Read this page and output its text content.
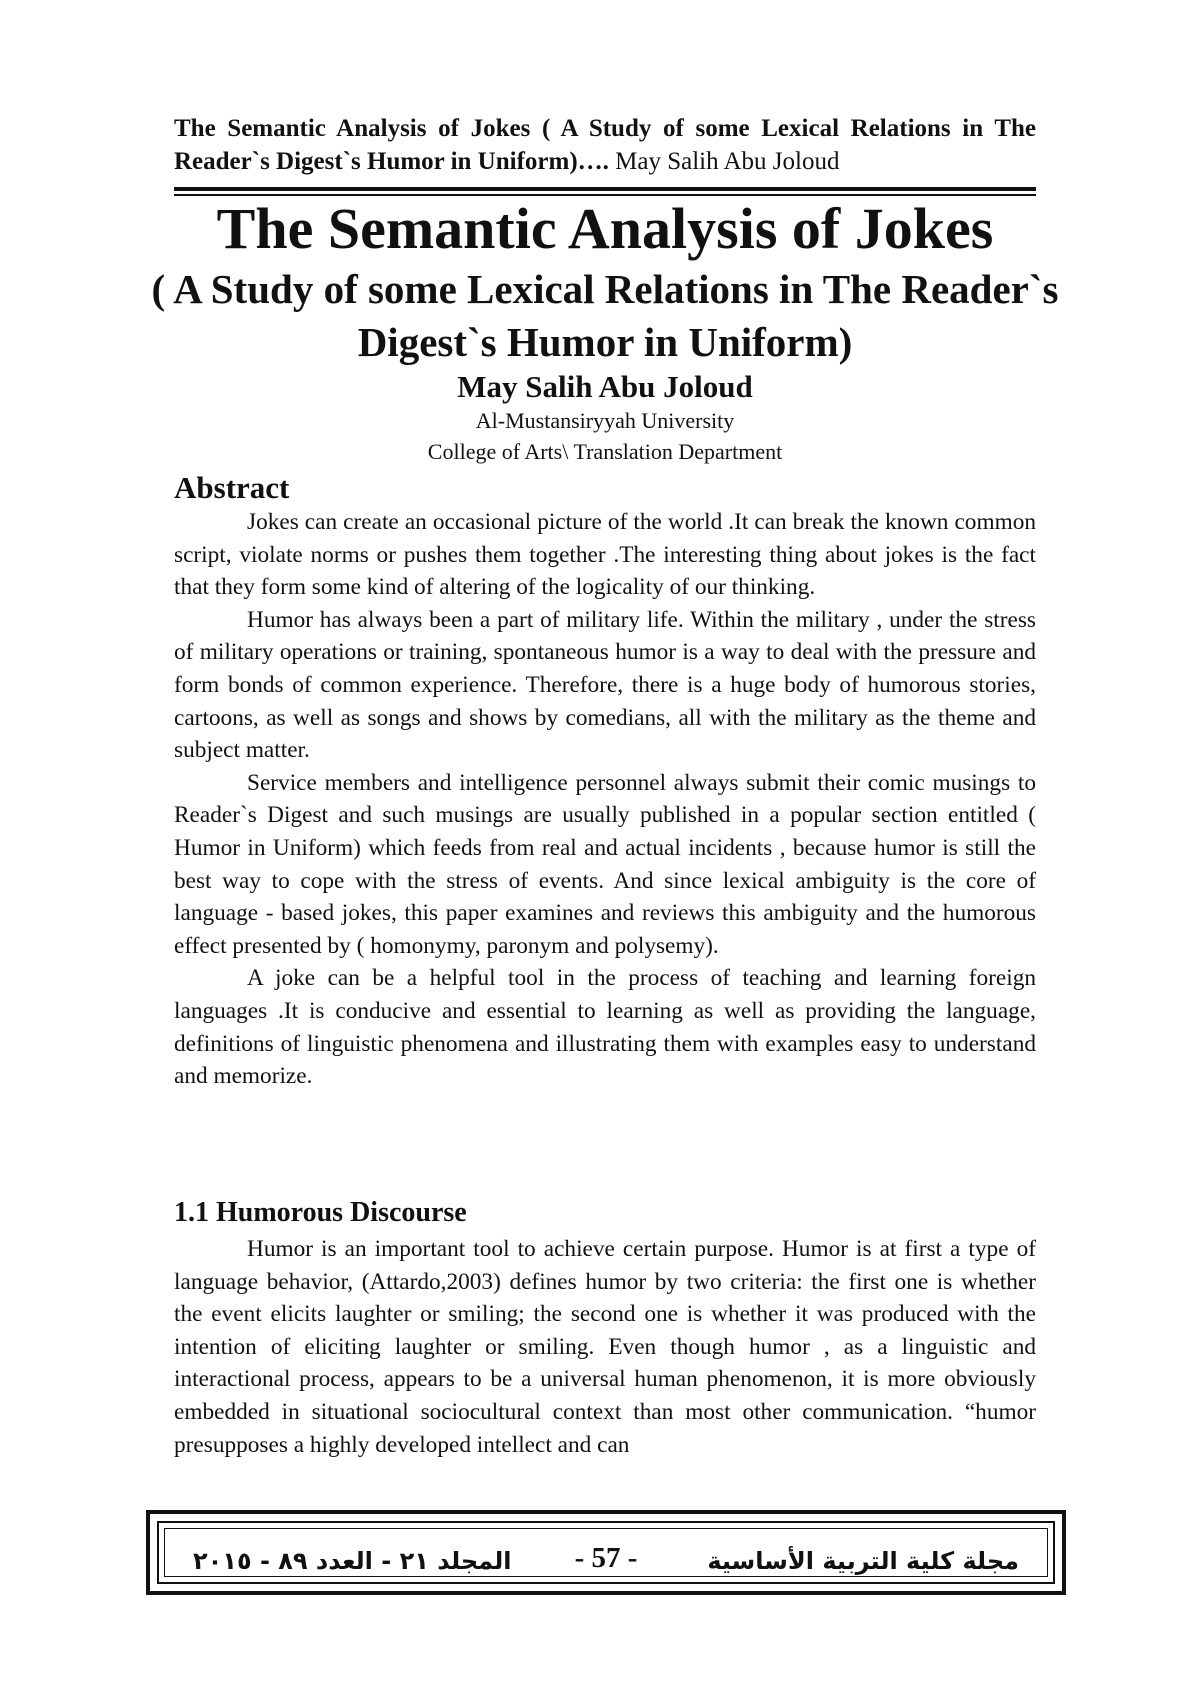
The Semantic Analysis of Jokes ( A Study of some Lexical Relations in The Reader`s Digest`s Humor in Uniform)…. May Salih Abu Joloud
The Semantic Analysis of Jokes
( A Study of some Lexical Relations in The Reader`s Digest`s Humor in Uniform)
May Salih Abu Joloud
Al-Mustansiryyah University
College of Arts\ Translation Department
Abstract

Jokes can create an occasional picture of the world .It can break the known common script, violate norms or pushes them together .The interesting thing about jokes is the fact that they form some kind of altering of the logicality of our thinking.

Humor has always been a part of military life. Within the military , under the stress of military operations or training, spontaneous humor is a way to deal with the pressure and form bonds of common experience. Therefore, there is a huge body of humorous stories, cartoons, as well as songs and shows by comedians, all with the military as the theme and subject matter.

Service members and intelligence personnel always submit their comic musings to Reader`s Digest and such musings are usually published in a popular section entitled ( Humor in Uniform) which feeds from real and actual incidents , because humor is still the best way to cope with the stress of events. And since lexical ambiguity is the core of language - based jokes, this paper examines and reviews this ambiguity and the humorous effect presented by ( homonymy, paronym and polysemy).

A joke can be a helpful tool in the process of teaching and learning foreign languages .It is conducive and essential to learning as well as providing the language, definitions of linguistic phenomena and illustrating them with examples easy to understand and memorize.

1.1 Humorous Discourse

Humor is an important tool to achieve certain purpose. Humor is at first a type of language behavior, (Attardo,2003) defines humor by two criteria: the first one is whether the event elicits laughter or smiling; the second one is whether it was produced with the intention of eliciting laughter or smiling. Even though humor , as a linguistic and interactional process, appears to be a universal human phenomenon, it is more obviously embedded in situational sociocultural context than most other communication. “humor presupposes a highly developed intellect and can

المجلد ٢١ - العدد ٨٩ - ٢٠١٥	- 57 -	مجلة كلية التربية الأساسية
